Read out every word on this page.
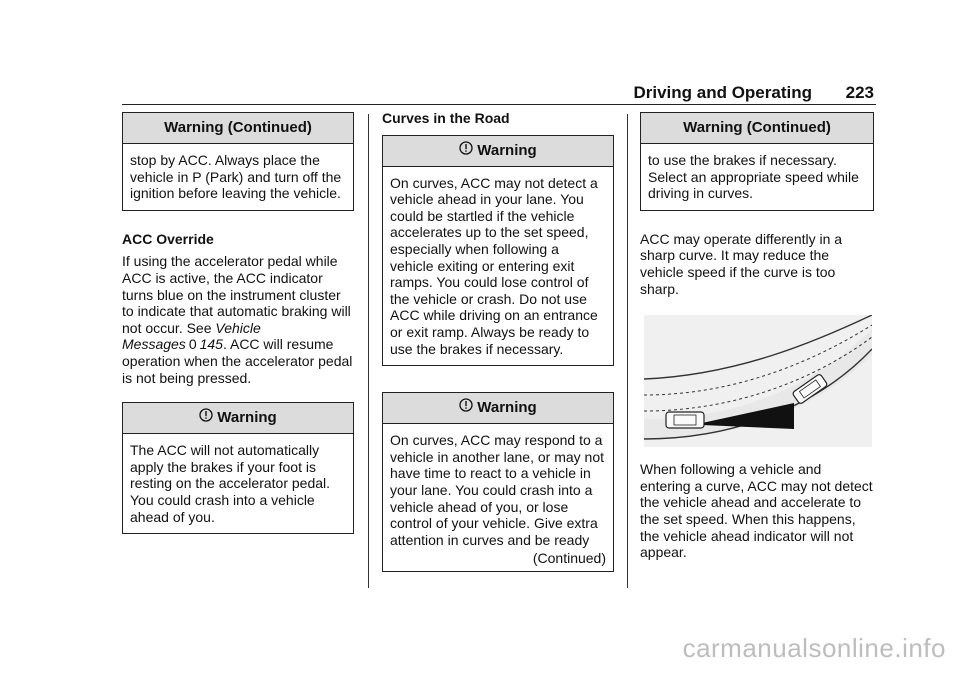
Driving and Operating 223
Warning (Continued)
stop by ACC. Always place the vehicle in P (Park) and turn off the ignition before leaving the vehicle.

ACC Override

If using the accelerator pedal while ACC is active, the ACC indicator turns blue on the instrument cluster to indicate that automatic braking will not occur. See Vehicle Messages 0 145. ACC will resume operation when the accelerator pedal is not being pressed.

Warning
The ACC will not automatically apply the brakes if your foot is resting on the accelerator pedal. You could crash into a vehicle ahead of you.

Curves in the Road

Warning
On curves, ACC may not detect a vehicle ahead in your lane. You could be startled if the vehicle accelerates up to the set speed, especially when following a vehicle exiting or entering exit ramps. You could lose control of the vehicle or crash. Do not use ACC while driving on an entrance or exit ramp. Always be ready to use the brakes if necessary.
Warning
On curves, ACC may respond to a vehicle in another lane, or may not have time to react to a vehicle in your lane. You could crash into a vehicle ahead of you, or lose control of your vehicle. Give extra attention in curves and be ready
(Continued)
Warning (Continued)
to use the brakes if necessary. Select an appropriate speed while driving in curves.

ACC may operate differently in a sharp curve. It may reduce the vehicle speed if the curve is too sharp.

When following a vehicle and entering a curve, ACC may not detect the vehicle ahead and accelerate to the set speed. When this happens, the vehicle ahead indicator will not appear.

carmanualsonline.info
